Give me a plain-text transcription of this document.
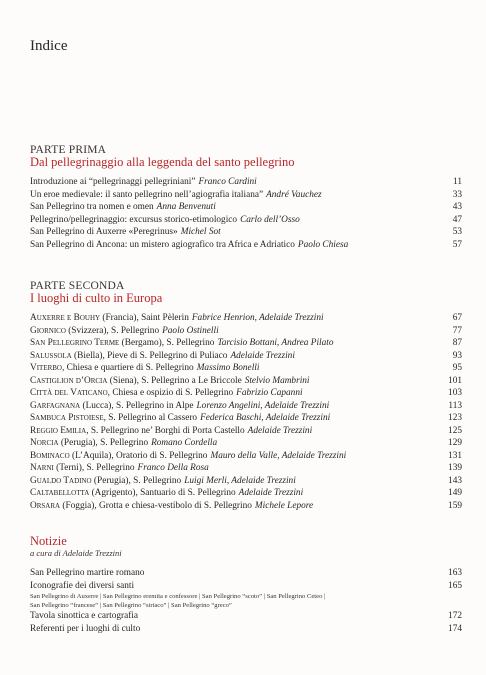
Indice
PARTE PRIMA
Dal pellegrinaggio alla leggenda del santo pellegrino
Introduzione ai “pellegrinaggi pellegriniani” Franco Cardini	11
Un eroe medievale: il santo pellegrino nell’agiografia italiana” André Vauchez	33
San Pellegrino tra nomen e omen Anna Benvenuti	43
Pellegrino/pellegrinaggio: excursus storico-etimologico Carlo dell’Osso	47
San Pellegrino di Auxerre «Peregrinus» Michel Sot	53
San Pellegrino di Ancona: un mistero agiografico tra Africa e Adriatico Paolo Chiesa	57
PARTE SECONDA
I luoghi di culto in Europa
Auxerre e Bouhy (Francia), Saint Pèlerin Fabrice Henrion, Adelaide Trezzini	67
Giornico (Svizzera), S. Pellegrino Paolo Ostinelli	77
San Pellegrino Terme (Bergamo), S. Pellegrino Tarcisio Bottani, Andrea Pilato	87
Salussola (Biella), Pieve di S. Pellegrino di Puliaco Adelaide Trezzini	93
Viterbo, Chiesa e quartiere di S. Pellegrino Massimo Bonelli	95
Castiglion d’Orcia (Siena), S. Pellegrino a Le Briccole Stelvio Mambrini	101
Città del Vaticano, Chiesa e ospizio di S. Pellegrino Fabrizio Capanni	103
Garfagnana (Lucca), S. Pellegrino in Alpe Lorenzo Angelini, Adelaide Trezzini	113
Sambuca Pistoiese, S. Pellegrino al Cassero Federica Baschi, Adelaide Trezzini	123
Reggio Emilia, S. Pellegrino ne’ Borghi di Porta Castello Adelaide Trezzini	125
Norcia (Perugia), S. Pellegrino Romano Cordella	129
Bominaco (L’Aquila), Oratorio di S. Pellegrino Mauro della Valle, Adelaide Trezzini	131
Narni (Terni), S. Pellegrino Franco Della Rosa	139
Gualdo Tadino (Perugia), S. Pellegrino Luigi Merli, Adelaide Trezzini	143
Caltabellotta (Agrigento), Santuario di S. Pellegrino Adelaide Trezzini	149
Orsara (Foggia), Grotta e chiesa-vestibolo di S. Pellegrino Michele Lepore	159
Notizie
a cura di Adelaide Trezzini
San Pellegrino martire romano	163
Iconografie dei diversi santi	165
San Pellegrino di Auxerre | San Pellegrino eremita e confessore | San Pellegrino “scoto” | San Pellegrino Ceteo |
San Pellegrino “francese” | San Pellegrino “siriaco” | San Pellegrino “greco”
Tavola sinottica e cartografia	172
Referenti per i luoghi di culto	174
